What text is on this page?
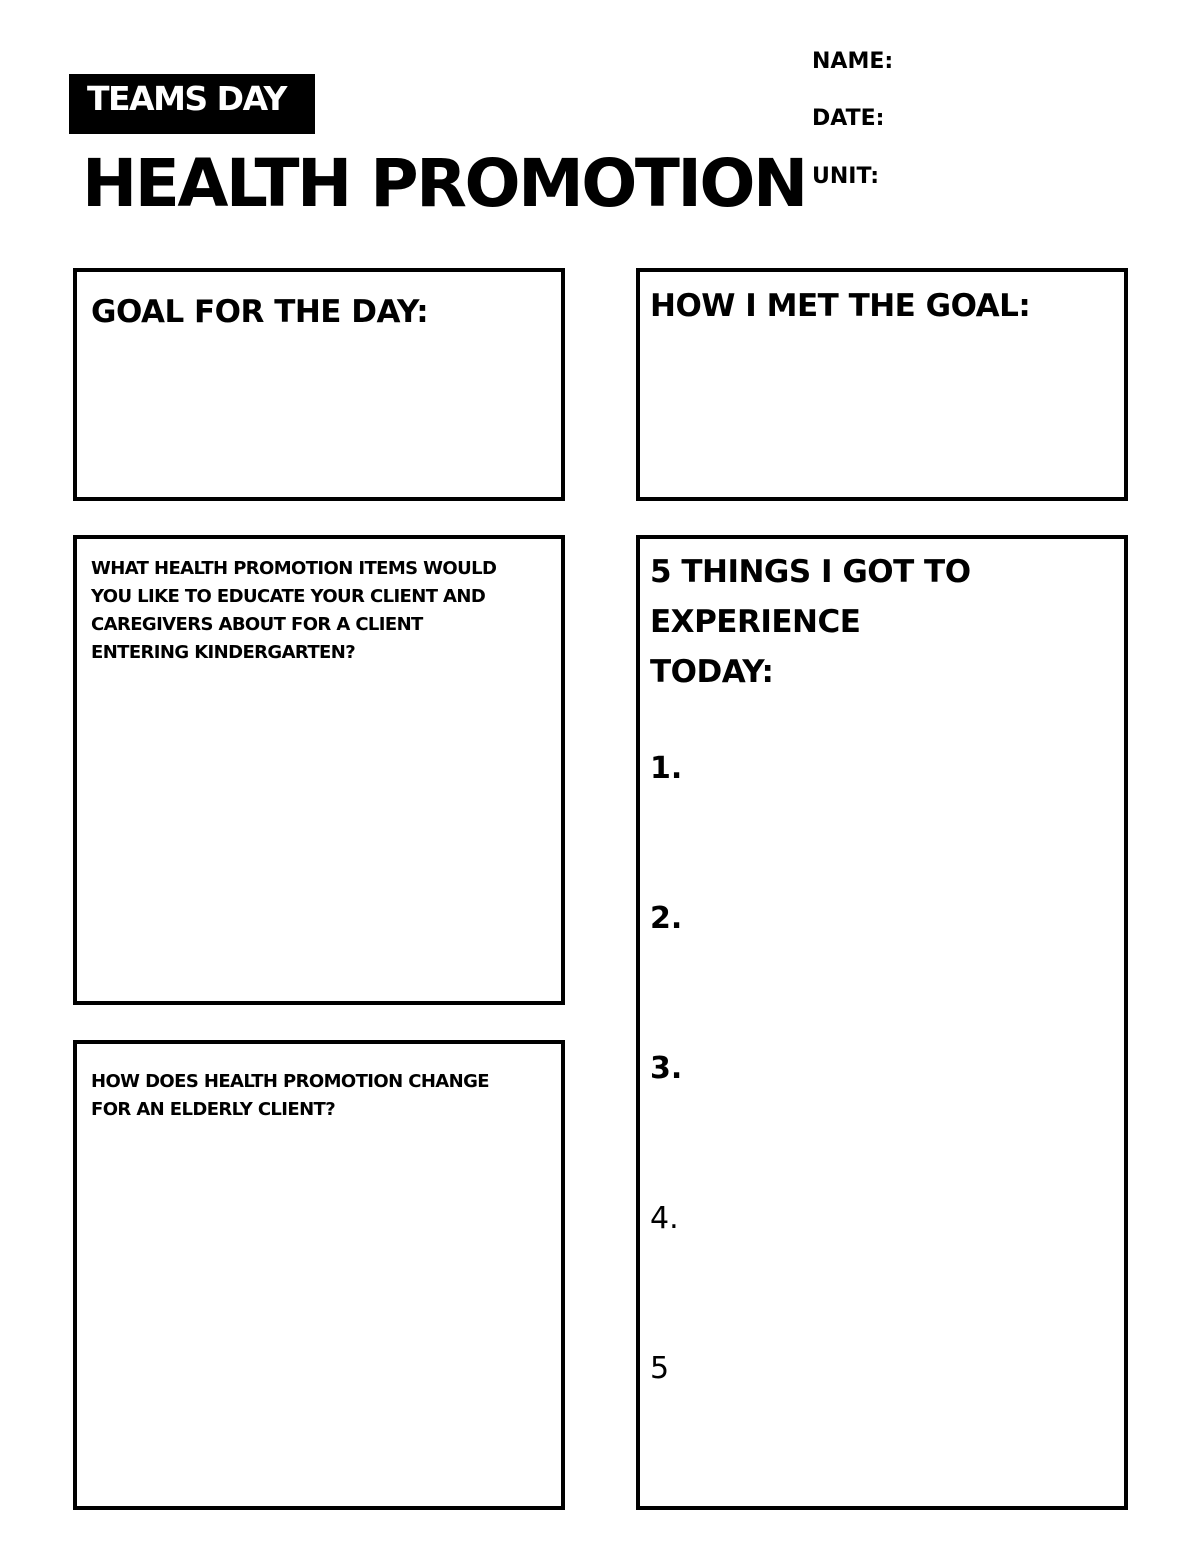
TEAMS DAY
HEALTH PROMOTION
NAME:
DATE:
UNIT:

GOAL FOR THE DAY:	HOW I MET THE GOAL:

WHAT HEALTH PROMOTION ITEMS WOULD
YOU LIKE TO EDUCATE YOUR CLIENT AND
CAREGIVERS ABOUT FOR A CLIENT
ENTERING KINDERGARTEN?

HOW DOES HEALTH PROMOTION CHANGE
FOR AN ELDERLY CLIENT?

5 THINGS I GOT TO

EXPERIENCE

TODAY:

1.
2.
3.
4.
5
